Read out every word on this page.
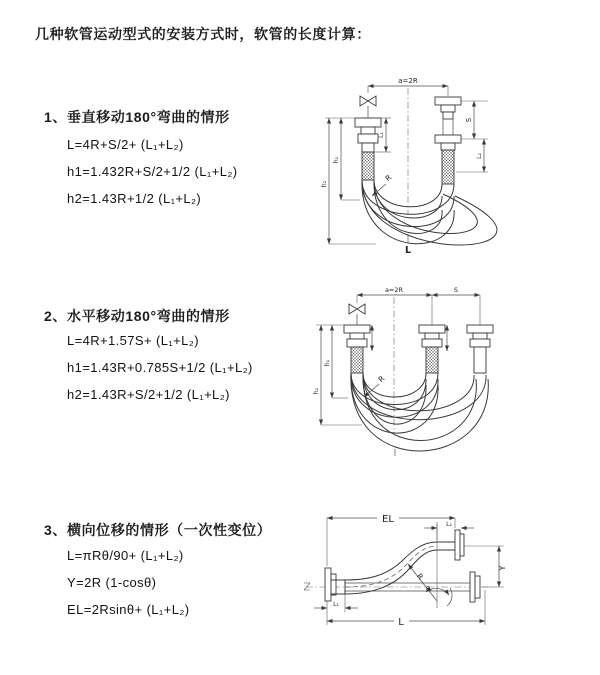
几种软管运动型式的安装方式时，软管的长度计算：
1、垂直移动180°弯曲的情形
L=4R+S/2+ (L₁+L₂)
h1=1.432R+S/2+1/2 (L₁+L₂)
h2=1.43R+1/2 (L₁+L₂)
2、水平移动180°弯曲的情形
L=4R+1.57S+ (L₁+L₂)
h1=1.43R+0.785S+1/2 (L₁+L₂)
h2=1.43R+S/2+1/2 (L₁+L₂)
3、横向位移的情形（一次性变位）
L=πRθ/90+ (L₁+L₂)
Y=2R (1-cosθ)
EL=2Rsinθ+ (L₁+L₂)
a=2R
L₁
S
L₂
h₁
h₂
R
L
a=2R	S
h₁
h₂
R
EL	L₂
Y
R
θ
L₁
L
